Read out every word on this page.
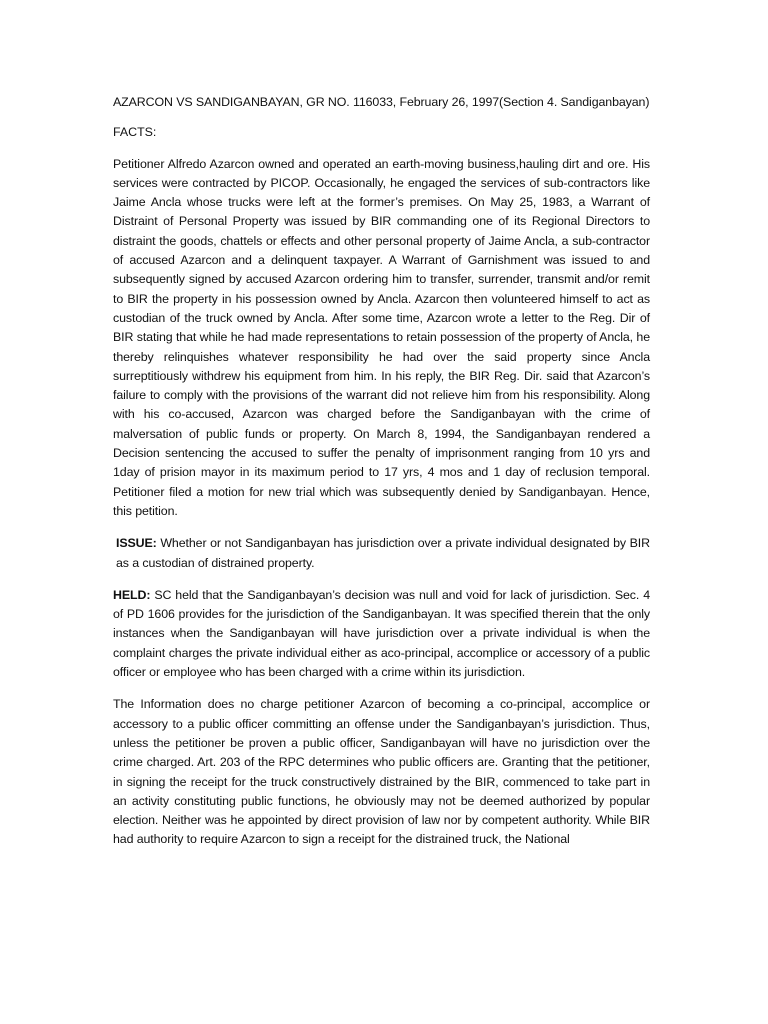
AZARCON VS SANDIGANBAYAN, GR NO. 116033, February 26, 1997(Section 4. Sandiganbayan)

FACTS:

Petitioner Alfredo Azarcon owned and operated an earth-moving business,hauling dirt and ore. His services were contracted by PICOP. Occasionally, he engaged the services of sub-contractors like Jaime Ancla whose trucks were left at the former’s premises. On May 25, 1983, a Warrant of Distraint of Personal Property was issued by BIR commanding one of its Regional Directors to distraint the goods, chattels or effects and other personal property of Jaime Ancla, a sub-contractor of accused Azarcon and a delinquent taxpayer. A Warrant of Garnishment was issued to and subsequently signed by accused Azarcon ordering him to transfer, surrender, transmit and/or remit to BIR the property in his possession owned by Ancla. Azarcon then volunteered himself to act as custodian of the truck owned by Ancla. After some time, Azarcon wrote a letter to the Reg. Dir of BIR stating that while he had made representations to retain possession of the property of Ancla, he thereby relinquishes whatever responsibility he had over the said property since Ancla surreptitiously withdrew his equipment from him. In his reply, the BIR Reg. Dir. said that Azarcon’s failure to comply with the provisions of the warrant did not relieve him from his responsibility. Along with his co-accused, Azarcon was charged before the Sandiganbayan with the crime of malversation of public funds or property. On March 8, 1994, the Sandiganbayan rendered a Decision sentencing the accused to suffer the penalty of imprisonment ranging from 10 yrs and 1day of prision mayor in its maximum period to 17 yrs, 4 mos and 1 day of reclusion temporal. Petitioner filed a motion for new trial which was subsequently denied by Sandiganbayan. Hence, this petition.

ISSUE: Whether or not Sandiganbayan has jurisdiction over a private individual designated by BIR as a custodian of distrained property.

HELD: SC held that the Sandiganbayan’s decision was null and void for lack of jurisdiction. Sec. 4 of PD 1606 provides for the jurisdiction of the Sandiganbayan. It was specified therein that the only instances when the Sandiganbayan will have jurisdiction over a private individual is when the complaint charges the private individual either as aco-principal, accomplice or accessory of a public officer or employee who has been charged with a crime within its jurisdiction.

The Information does no charge petitioner Azarcon of becoming a co-principal, accomplice or accessory to a public officer committing an offense under the Sandiganbayan’s jurisdiction. Thus, unless the petitioner be proven a public officer, Sandiganbayan will have no jurisdiction over the crime charged. Art. 203 of the RPC determines who public officers are. Granting that the petitioner, in signing the receipt for the truck constructively distrained by the BIR, commenced to take part in an activity constituting public functions, he obviously may not be deemed authorized by popular election. Neither was he appointed by direct provision of law nor by competent authority. While BIR had authority to require Azarcon to sign a receipt for the distrained truck, the National
